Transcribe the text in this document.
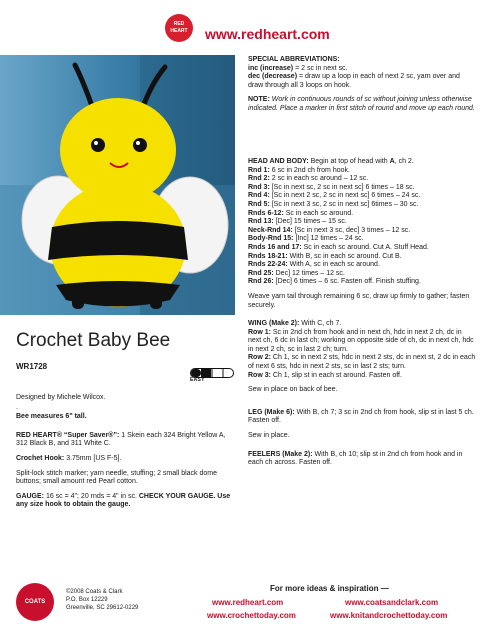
RED HEART	www.redheart.com

SPECIAL ABBREVIATIONS:
inc (increase) = 2 sc in next sc.
dec (decrease) = draw up a loop in each of next 2 sc, yarn over and draw through all 3 loops on hook.

NOTE: Work in continuous rounds of sc without joining unless otherwise indicated. Place a marker in first stitch of round and move up each round.

HEAD AND BODY: Begin at top of head with A, ch 2.
Rnd 1: 6 sc in 2nd ch from hook.
Rnd 2: 2 sc in each sc around – 12 sc.
Rnd 3: [Sc in next sc, 2 sc in next sc] 6 times – 18 sc.
Rnd 4: [Sc in next 2 sc, 2 sc in next sc] 6 times – 24 sc.
Rnd 5: [Sc in next 3 sc, 2 sc in next sc] 6times – 30 sc.
Rnds 6-12: Sc in each sc around.
Rnd 13: [Dec] 15 times – 15 sc.
Neck-Rnd 14: [Sc in next 3 sc, dec] 3 times – 12 sc.
Body-Rnd 15: [Inc] 12 times – 24 sc.
Rnds 16 and 17: Sc in each sc around. Cut A. Stuff Head.
Rnds 18-21: With B, sc in each sc around. Cut B.
Rnds 22-24: With A, sc in each sc around.
Rnd 25: Dec] 12 times – 12 sc.
Rnd 26: [Dec] 6 times – 6 sc. Fasten off. Finish stuffing.

Weave yarn tail through remaining 6 sc, draw up firmly to gather; fasten securely.

WING (Make 2): With C, ch 7.
Row 1: Sc in 2nd ch from hook and in next ch, hdc in next 2 ch, dc in next ch, 6 dc in last ch; working on opposite side of ch, dc in next ch, hdc in next 2 ch, sc in last 2 ch; turn.
Row 2: Ch 1, sc in next 2 sts, hdc in next 2 sts, dc in next st, 2 dc in each of next 6 sts, hdc in next 2 sts, sc in last 2 sts; turn.
Row 3: Ch 1, slip st in each st around. Fasten off.

Sew in place on back of bee.

LEG (Make 6): With B, ch 7; 3 sc in 2nd ch from hook, slip st in last 5 ch. Fasten off.

Sew in place.

FEELERS (Make 2): With B, ch 10; slip st in 2nd ch from hook and in each ch across. Fasten off.

Crochet Baby Bee
WR1728
EASY

Designed by Michele Wilcox.

.

Bee measures 6" tall.

RED HEART® “Super Saver®”: 1 Skein each 324 Bright Yellow A, 312 Black B, and 311 White C.

Crochet Hook: 3.75mm [US F-5].

Split-lock stitch marker; yarn needle, stuffing; 2 small black dome buttons; small amount red Pearl cotton.

GAUGE: 16 sc = 4"; 20 rnds = 4" in sc. CHECK YOUR GAUGE. Use any size hook to obtain the gauge.

COATS
©2008 Coats & Clark
P.O. Box 12229
Greenville, SC 29612-0229
For more ideas & inspiration —
www.redheart.com	www.coatsandclark.com
www.crochettoday.com	www.knitandcrochettoday.com
